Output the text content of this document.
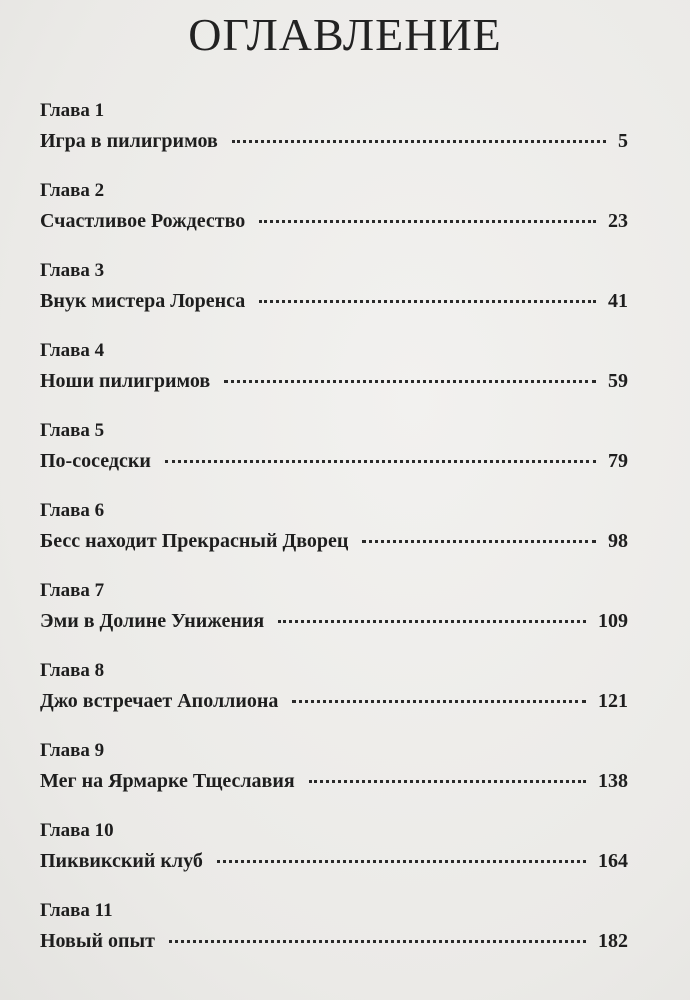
ОГЛАВЛЕНИЕ
Глава 1
Игра в пилигримов	5
Глава 2
Счастливое Рождество	23
Глава 3
Внук мистера Лоренса	41
Глава 4
Ноши пилигримов	59
Глава 5
По-соседски	79
Глава 6
Бесс находит Прекрасный Дворец	98
Глава 7
Эми в Долине Унижения	109
Глава 8
Джо встречает Аполлиона	121
Глава 9
Мег на Ярмарке Тщеславия	138
Глава 10
Пиквикский клуб	164
Глава 11
Новый опыт	182
